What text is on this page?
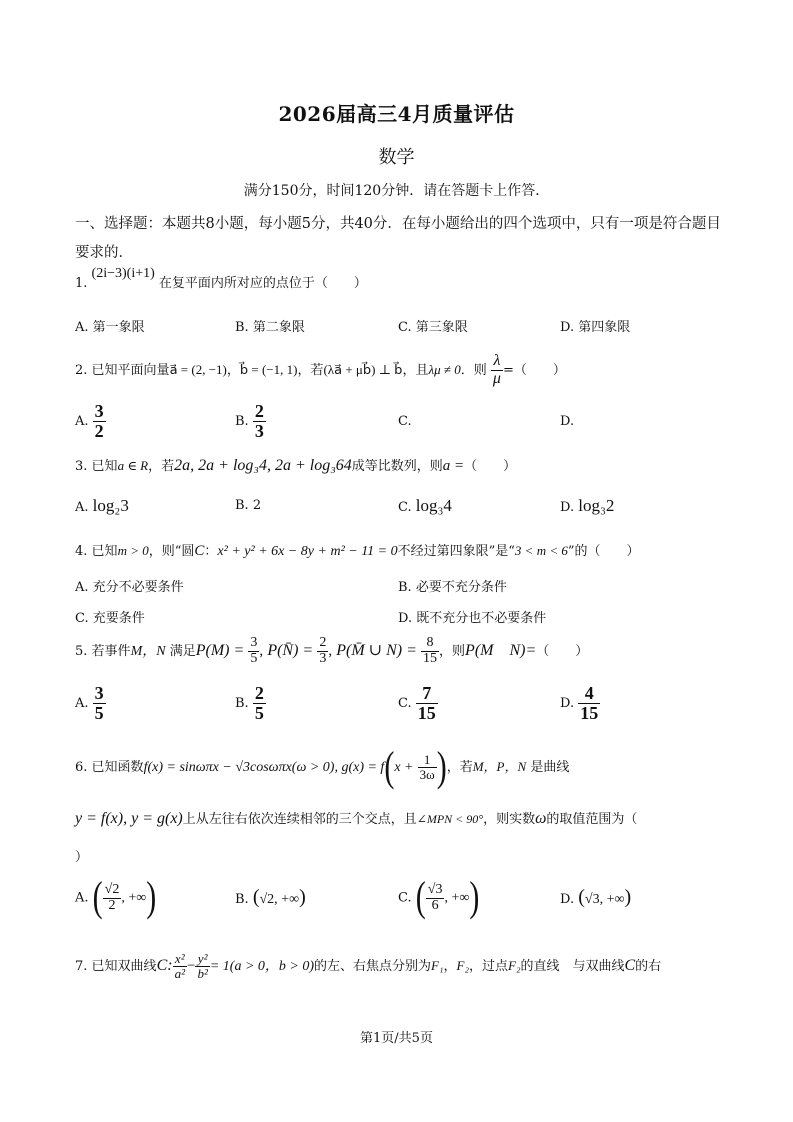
2026届高三4月质量评估
数学
满分150分，时间120分钟．请在答题卡上作答．
一、选择题：本题共8小题，每小题5分，共40分．在每小题给出的四个选项中，只有一项是符合题目要求的．
1. (2i−3)(i+1) 在复平面内所对应的点位于（　　）
A. 第一象限	B. 第二象限	C. 第三象限	D. 第四象限
2. 已知平面向量a⃗ = (2, −1)，b⃗ = (−1, 1)，若(λa⃗ + μb⃗) ⊥ b⃗，且λμ ≠ 0．则 $\frac{\lambda}{\mu}$ =（　　）
A. $\frac{3}{2}$	B. $\frac{2}{3}$	C.	D.
3. 已知a ∈ R，若2a, 2a + log₃4, 2a + log₃64成等比数列，则a =（　　）
A. log₂3	B. 2	C. log₃4	D. log₃2
4. 已知m > 0，则“圆C：x² + y² + 6x − 8y + m² − 11 = 0不经过第四象限”是“3 < m < 6”的（　　）
A. 充分不必要条件	B. 必要不充分条件
C. 充要条件	D. 既不充分也不必要条件
5. 若事件M，N 满足$P(M) = \frac{3}{5}$ , P(N̄) = $\frac{2}{3}$ , P(M̄ ∪ $N) = \frac{8}{15}$ ，则P(M　N)=（　　）
A. $\frac{3}{5}$	B. $\frac{2}{5}$	C. $\frac{7}{15}$	D. $\frac{4}{15}$
6. 已知函数f(x) = sinωπx − √3cosωπx(ω > 0), $g(x) = f(x + \frac{1}{3\omega}$ )，若M，P，N 是曲线
y = f(x), y = g(x)上从左往右依次连续相邻的三个交点，且∠MPN < 90°，则实数ω的取值范围为（
）
A. ( $\frac{√2}{2}$ , +∞)	B. (√2, +∞)	C. ( $\frac{√3}{6}$ , +∞)	D. (√3, +∞)
7. 已知双曲线C: $\frac{\text{x²}}{\text{a²}} - \frac{\text{y²}}{\text{b²}} = 1(a > 0$，b > 0)的左、右焦点分别为F₁，F₂，过点F₂的直线　与双曲线C的右
第1页/共5页
